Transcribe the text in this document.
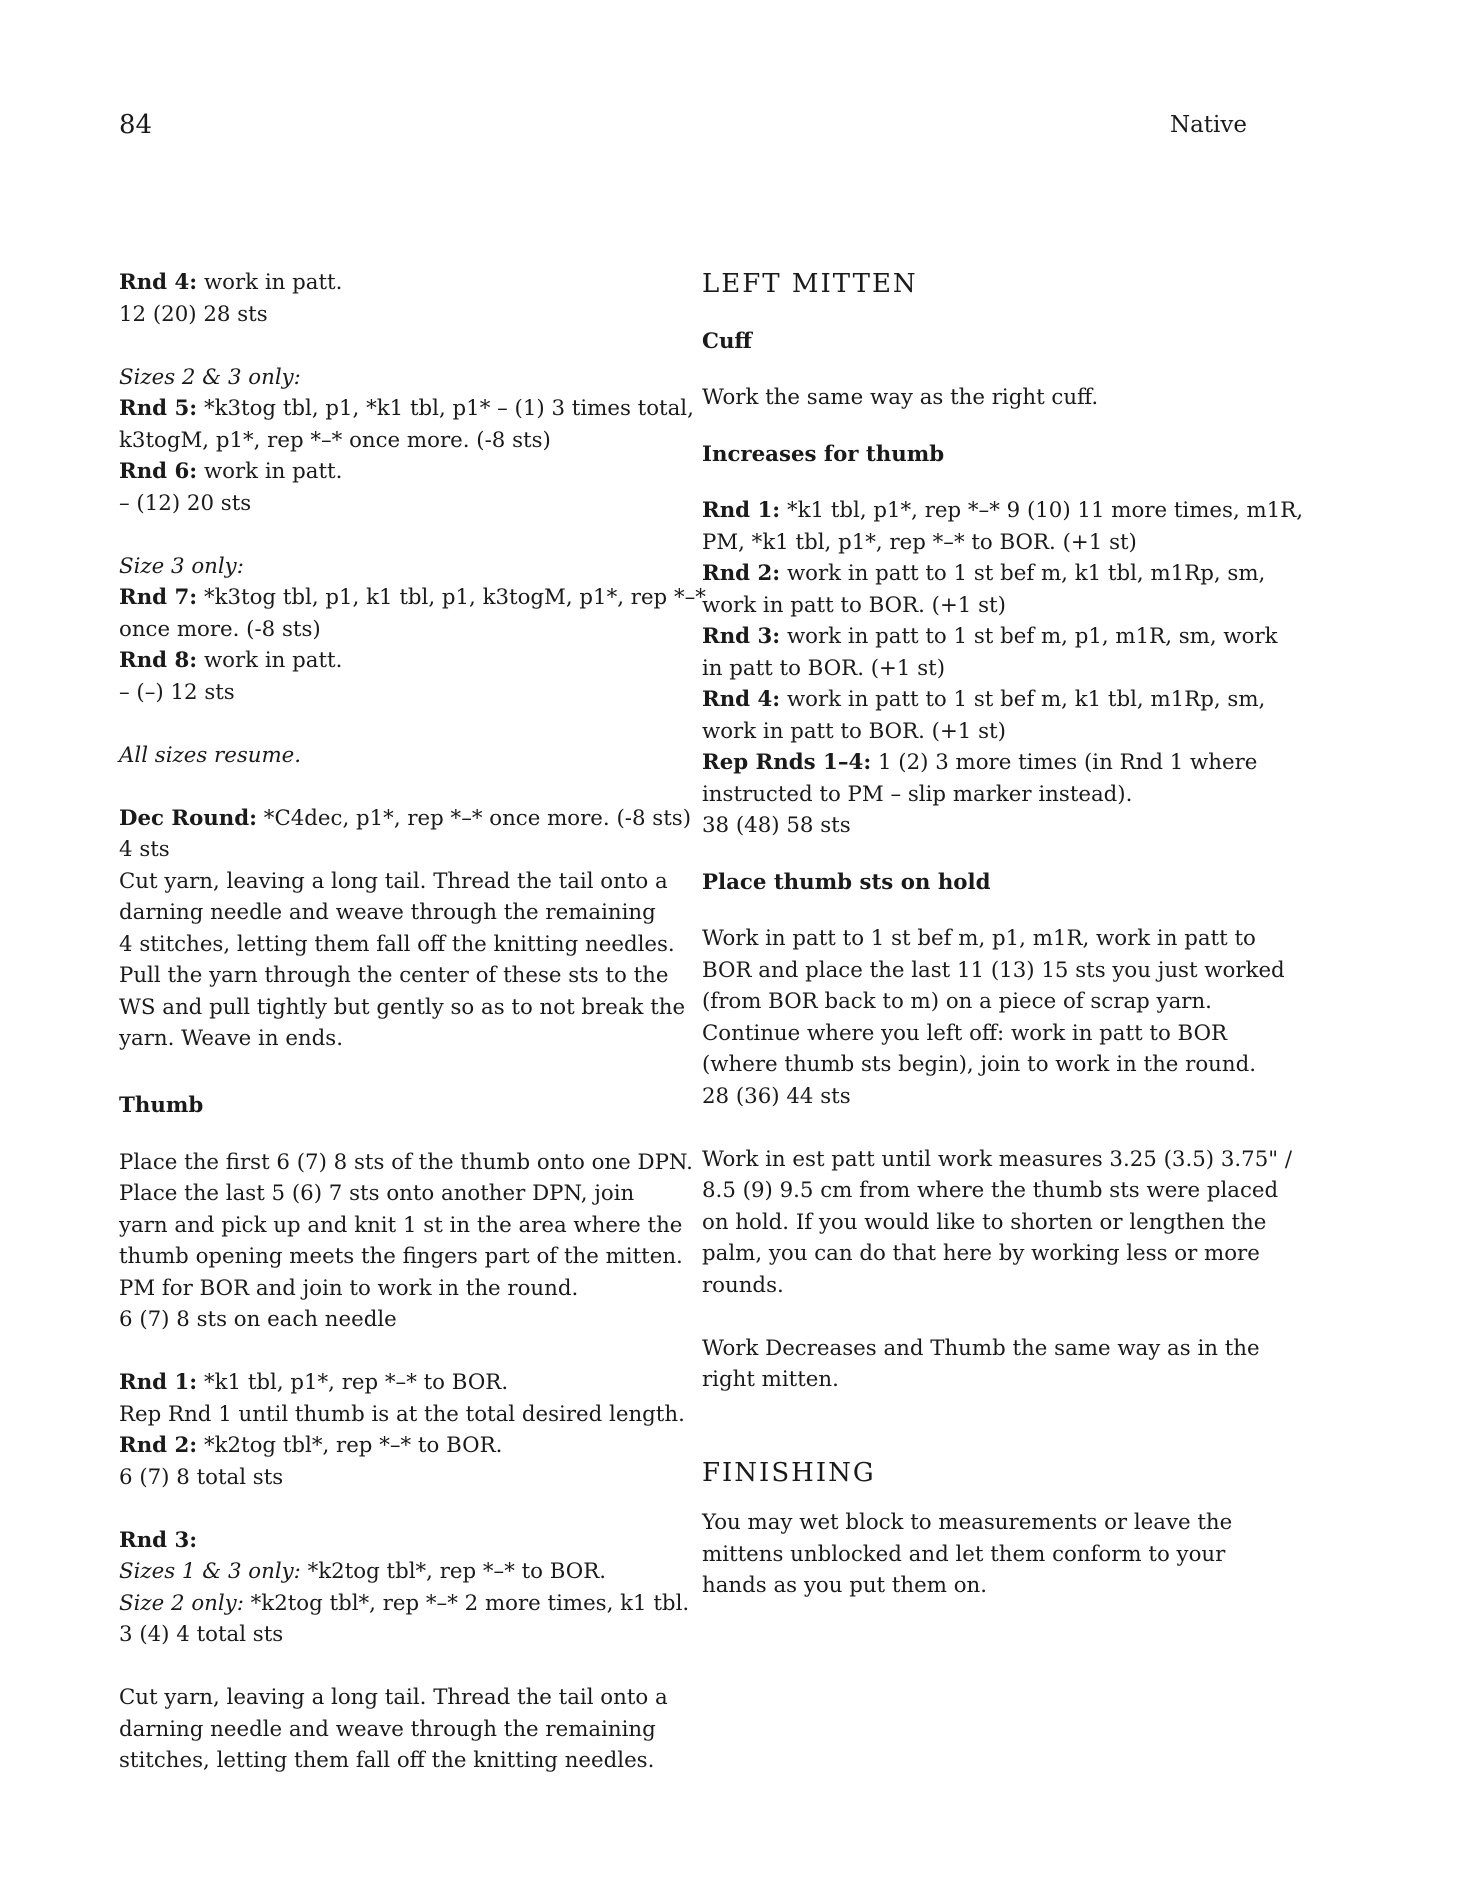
84	Native
Rnd 4: work in patt.
12 (20) 28 sts
Sizes 2 & 3 only:
Rnd 5: *k3tog tbl, p1, *k1 tbl, p1* – (1) 3 times total,
k3togM, p1*, rep *–* once more. (-8 sts)
Rnd 6: work in patt.
– (12) 20 sts
Size 3 only:
Rnd 7: *k3tog tbl, p1, k1 tbl, p1, k3togM, p1*, rep *–*
once more. (-8 sts)
Rnd 8: work in patt.
– (–) 12 sts
All sizes resume.
Dec Round: *C4dec, p1*, rep *–* once more. (-8 sts)
4 sts
Cut yarn, leaving a long tail. Thread the tail onto a
darning needle and weave through the remaining
4 stitches, letting them fall off the knitting needles.
Pull the yarn through the center of these sts to the
WS and pull tightly but gently so as to not break the
yarn. Weave in ends.
Thumb
Place the first 6 (7) 8 sts of the thumb onto one DPN.
Place the last 5 (6) 7 sts onto another DPN, join
yarn and pick up and knit 1 st in the area where the
thumb opening meets the fingers part of the mitten.
PM for BOR and join to work in the round.
6 (7) 8 sts on each needle
Rnd 1: *k1 tbl, p1*, rep *–* to BOR.
Rep Rnd 1 until thumb is at the total desired length.
Rnd 2: *k2tog tbl*, rep *–* to BOR.
6 (7) 8 total sts
Rnd 3:
Sizes 1 & 3 only: *k2tog tbl*, rep *–* to BOR.
Size 2 only: *k2tog tbl*, rep *–* 2 more times, k1 tbl.
3 (4) 4 total sts
Cut yarn, leaving a long tail. Thread the tail onto a
darning needle and weave through the remaining
stitches, letting them fall off the knitting needles.
LEFT MITTEN
Cuff
Work the same way as the right cuff.
Increases for thumb
Rnd 1: *k1 tbl, p1*, rep *–* 9 (10) 11 more times, m1R,
PM, *k1 tbl, p1*, rep *–* to BOR. (+1 st)
Rnd 2: work in patt to 1 st bef m, k1 tbl, m1Rp, sm,
work in patt to BOR. (+1 st)
Rnd 3: work in patt to 1 st bef m, p1, m1R, sm, work
in patt to BOR. (+1 st)
Rnd 4: work in patt to 1 st bef m, k1 tbl, m1Rp, sm,
work in patt to BOR. (+1 st)
Rep Rnds 1–4: 1 (2) 3 more times (in Rnd 1 where
instructed to PM – slip marker instead).
38 (48) 58 sts
Place thumb sts on hold
Work in patt to 1 st bef m, p1, m1R, work in patt to
BOR and place the last 11 (13) 15 sts you just worked
(from BOR back to m) on a piece of scrap yarn.
Continue where you left off: work in patt to BOR
(where thumb sts begin), join to work in the round.
28 (36) 44 sts
Work in est patt until work measures 3.25 (3.5) 3.75" /
8.5 (9) 9.5 cm from where the thumb sts were placed
on hold. If you would like to shorten or lengthen the
palm, you can do that here by working less or more
rounds.
Work Decreases and Thumb the same way as in the
right mitten.
FINISHING
You may wet block to measurements or leave the
mittens unblocked and let them conform to your
hands as you put them on.
